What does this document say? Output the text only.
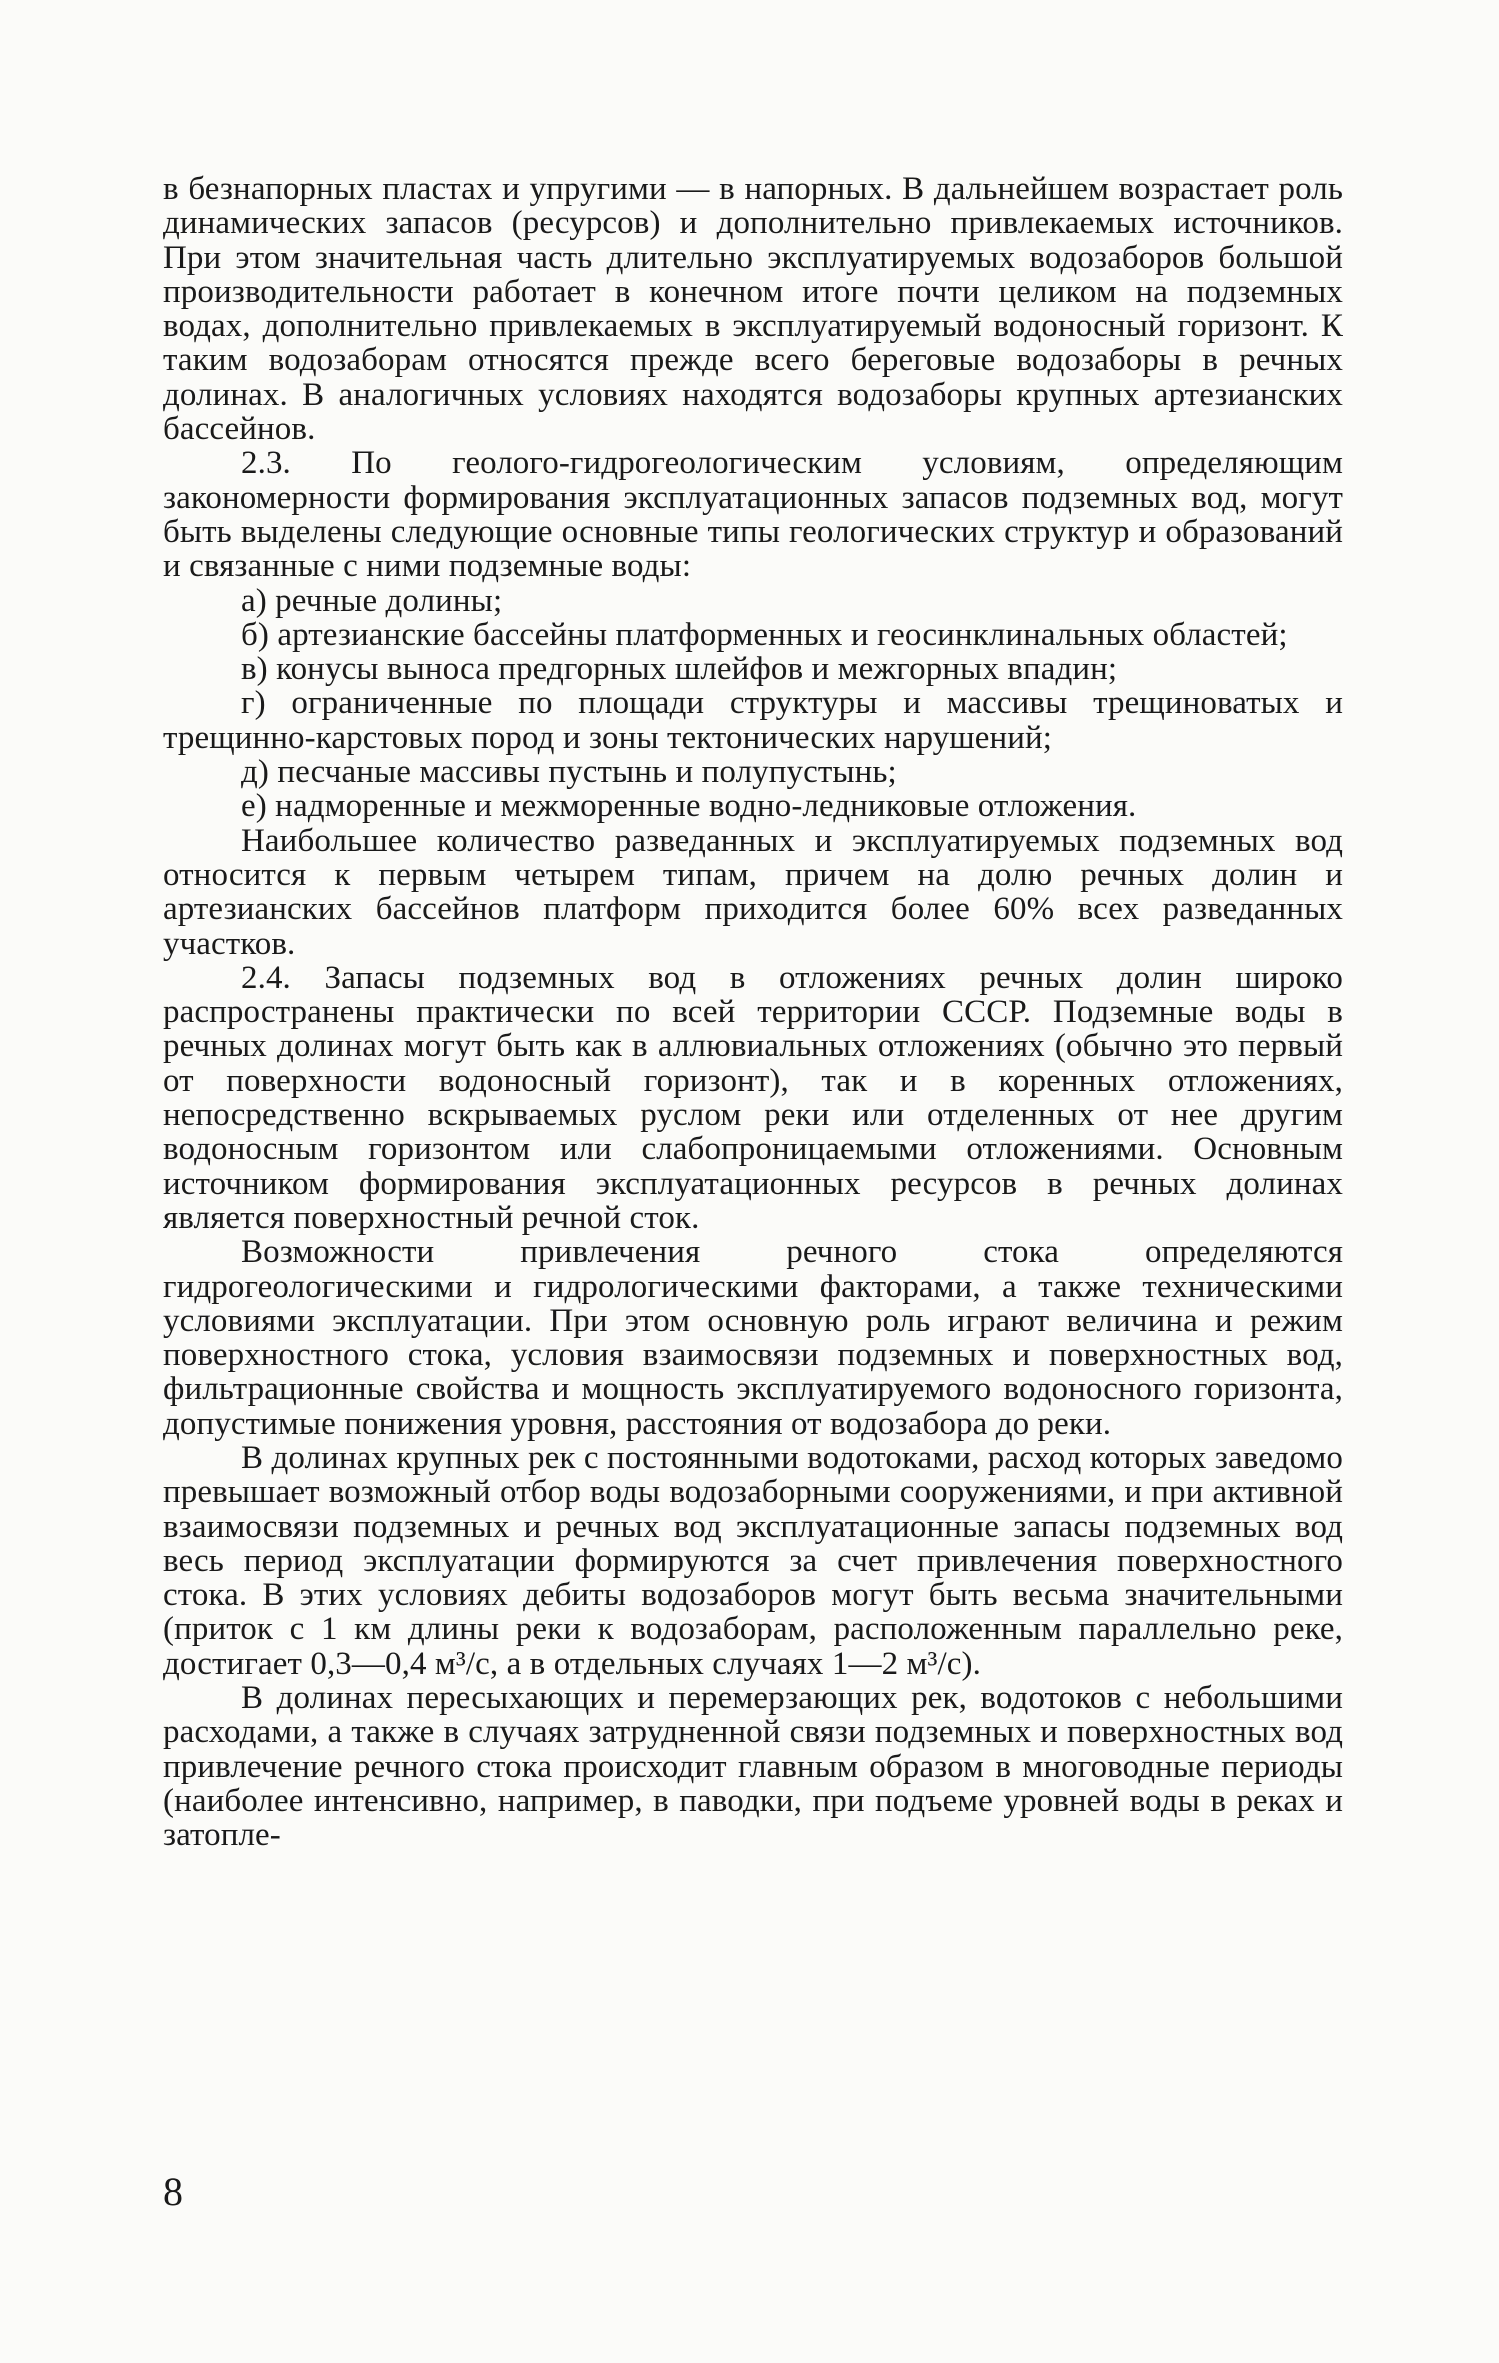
в безнапорных пластах и упругими — в напорных. В дальнейшем возрастает роль динамических запасов (ресурсов) и дополнительно привлекаемых источников. При этом значительная часть длительно эксплуатируемых водозаборов большой производительности работает в конечном итоге почти целиком на подземных водах, дополнительно привлекаемых в эксплуатируемый водоносный горизонт. К таким водозаборам относятся прежде всего береговые водозаборы в речных долинах. В аналогичных условиях находятся водозаборы крупных артезианских бассейнов.

2.3. По геолого-гидрогеологическим условиям, определяющим закономерности формирования эксплуатационных запасов подземных вод, могут быть выделены следующие основные типы геологических структур и образований и связанные с ними подземные воды:

а) речные долины;

б) артезианские бассейны платформенных и геосинклинальных областей;

в) конусы выноса предгорных шлейфов и межгорных впадин;

г) ограниченные по площади структуры и массивы трещиноватых и трещинно-карстовых пород и зоны тектонических нарушений;

д) песчаные массивы пустынь и полупустынь;

е) надморенные и межморенные водно-ледниковые отложения.

Наибольшее количество разведанных и эксплуатируемых подземных вод относится к первым четырем типам, причем на долю речных долин и артезианских бассейнов платформ приходится более 60% всех разведанных участков.

2.4. Запасы подземных вод в отложениях речных долин широко распространены практически по всей территории СССР. Подземные воды в речных долинах могут быть как в аллювиальных отложениях (обычно это первый от поверхности водоносный горизонт), так и в коренных отложениях, непосредственно вскрываемых руслом реки или отделенных от нее другим водоносным горизонтом или слабопроницаемыми отложениями. Основным источником формирования эксплуатационных ресурсов в речных долинах является поверхностный речной сток.

Возможности привлечения речного стока определяются гидрогеологическими и гидрологическими факторами, а также техническими условиями эксплуатации. При этом основную роль играют величина и режим поверхностного стока, условия взаимосвязи подземных и поверхностных вод, фильтрационные свойства и мощность эксплуатируемого водоносного горизонта, допустимые понижения уровня, расстояния от водозабора до реки.

В долинах крупных рек с постоянными водотоками, расход которых заведомо превышает возможный отбор воды водозаборными сооружениями, и при активной взаимосвязи подземных и речных вод эксплуатационные запасы подземных вод весь период эксплуатации формируются за счет привлечения поверхностного стока. В этих условиях дебиты водозаборов могут быть весьма значительными (приток с 1 км длины реки к водозаборам, расположенным параллельно реке, достигает 0,3—0,4 м³/с, а в отдельных случаях 1—2 м³/с).

В долинах пересыхающих и перемерзающих рек, водотоков с небольшими расходами, а также в случаях затрудненной связи подземных и поверхностных вод привлечение речного стока происходит главным образом в многоводные периоды (наиболее интенсивно, например, в паводки, при подъеме уровней воды в реках и затопле-

8
